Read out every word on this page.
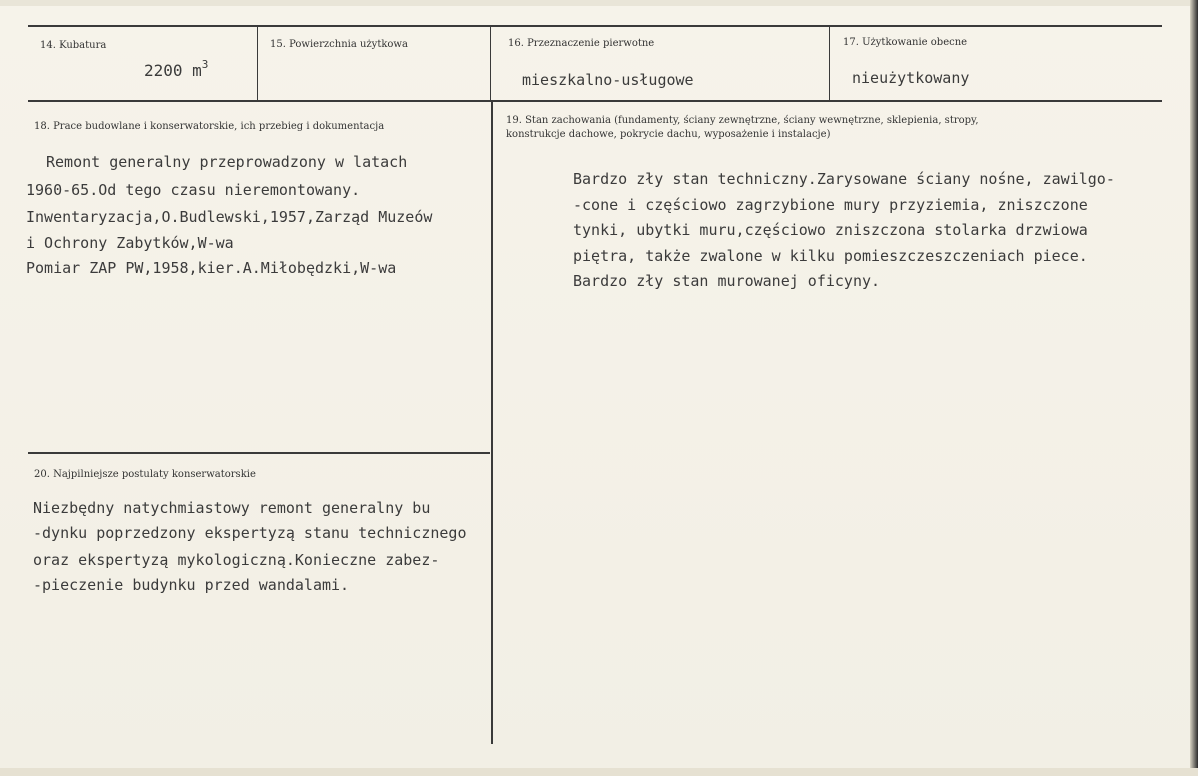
14. Kubatura
2200 $m^3$
15. Powierzchnia użytkowa	16. Przeznaczenie pierwotne
mieszkalno-usługowe
17. Użytkowanie obecne
nieużytkowany
18. Prace budowlane i konserwatorskie, ich przebieg i dokumentacja
Remont generalny przeprowadzony w latach
1960-65.Od tego czasu nieremontowany.
Inwentaryzacja,O.Budlewski,1957,Zarząd Muzeów
i Ochrony Zabytków,W-wa
Pomiar ZAP PW,1958,kier.A.Miłobędzki,W-wa
19. Stan zachowania (fundamenty, ściany zewnętrzne, ściany wewnętrzne, sklepienia, stropy,
konstrukcje dachowe, pokrycie dachu, wyposażenie i instalacje)
Bardzo zły stan techniczny.Zarysowane ściany nośne, zawilgo-
-cone i częściowo zagrzybione mury przyziemia, zniszczone
tynki, ubytki muru,częściowo zniszczona stolarka drzwiowa
piętra, także zwalone w kilku pomieszczeszczeniach piece.
Bardzo zły stan murowanej oficyny.
20. Najpilniejsze postulaty konserwatorskie
Niezbędny natychmiastowy remont generalny bu
-dynku poprzedzony ekspertyzą stanu technicznego
oraz ekspertyzą mykologiczną.Konieczne zabez-
-pieczenie budynku przed wandalami.
